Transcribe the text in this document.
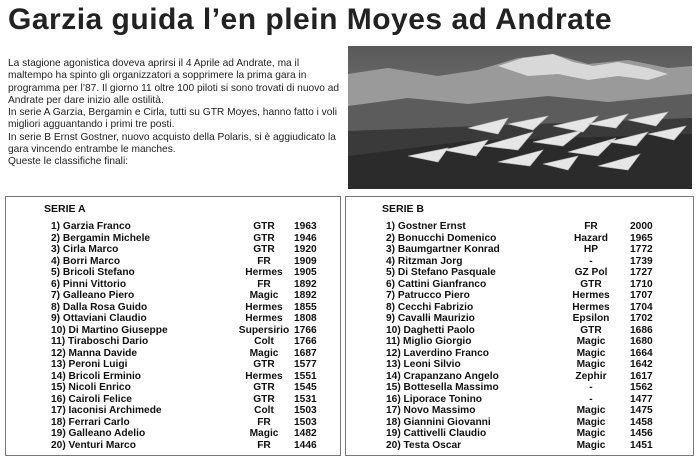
Garzia guida l’en plein Moyes ad Andrate

La stagione agonistica doveva aprirsi il 4 Aprile ad Andrate, ma il maltempo ha spinto gli organizzatori a sopprimere la prima gara in programma per l’87. Il giorno 11 oltre 100 piloti si sono trovati di nuovo ad Andrate per dare inizio alle ostilità.

In serie A Garzia, Bergamin e Cirla, tutti su GTR Moyes, hanno fatto i voli migliori agguantando i primi tre posti.

In serie B Ernst Gostner, nuovo acquisto della Polaris, si è aggiudicato la gara vincendo entrambe le manches.

Queste le classifiche finali:

SERIE A
1) Garzia Franco	GTR	1963
2) Bergamin Michele	GTR	1946
3) Cirla Marco	GTR	1920
4) Borri Marco	FR	1909
5) Bricoli Stefano	Hermes	1905
6) Pinni Vittorio	FR	1892
7) Galleano Piero	Magic	1892
8) Dalla Rosa Guido	Hermes	1855
9) Ottaviani Claudio	Hermes	1808
10) Di Martino Giuseppe	Supersirio 1766
11) Tiraboschi Dario	Colt	1766
12) Manna Davide	Magic	1687
13) Peroni Luigi	GTR	1577
14) Bricoli Erminio	Hermes	1551
15) Nicoli Enrico	GTR	1545
16) Cairoli Felice	GTR	1531
17) Iaconisi Archimede	Colt	1503
18) Ferrari Carlo	FR	1503
19) Galleano Adelio	Magic	1482
20) Venturi Marco	FR	1446
SERIE B
1) Gostner Ernst	FR	2000
2) Bonucchi Domenico	Hazard	1965
3) Baumgartner Konrad	HP	1772
4) Ritzman Jorg	-	1739
5) Di Stefano Pasquale	GZ Pol	1727
6) Cattini Gianfranco	GTR	1710
7) Patrucco Piero	Hermes	1707
8) Cecchi Fabrizio	Hermes	1704
9) Cavalli Maurizio	Epsilon	1702
10) Daghetti Paolo	GTR	1686
11) Miglio Giorgio	Magic	1680
12) Laverdino Franco	Magic	1664
13) Leoni Silvio	Magic	1642
14) Crapanzano Angelo	Zephir	1617
15) Bottesella Massimo	-	1562
16) Liporace Tonino	-	1477
17) Novo Massimo	Magic	1475
18) Giannini Giovanni	Magic	1458
19) Cattivelli Claudio	Magic	1456
20) Testa Oscar	Magic	1451
